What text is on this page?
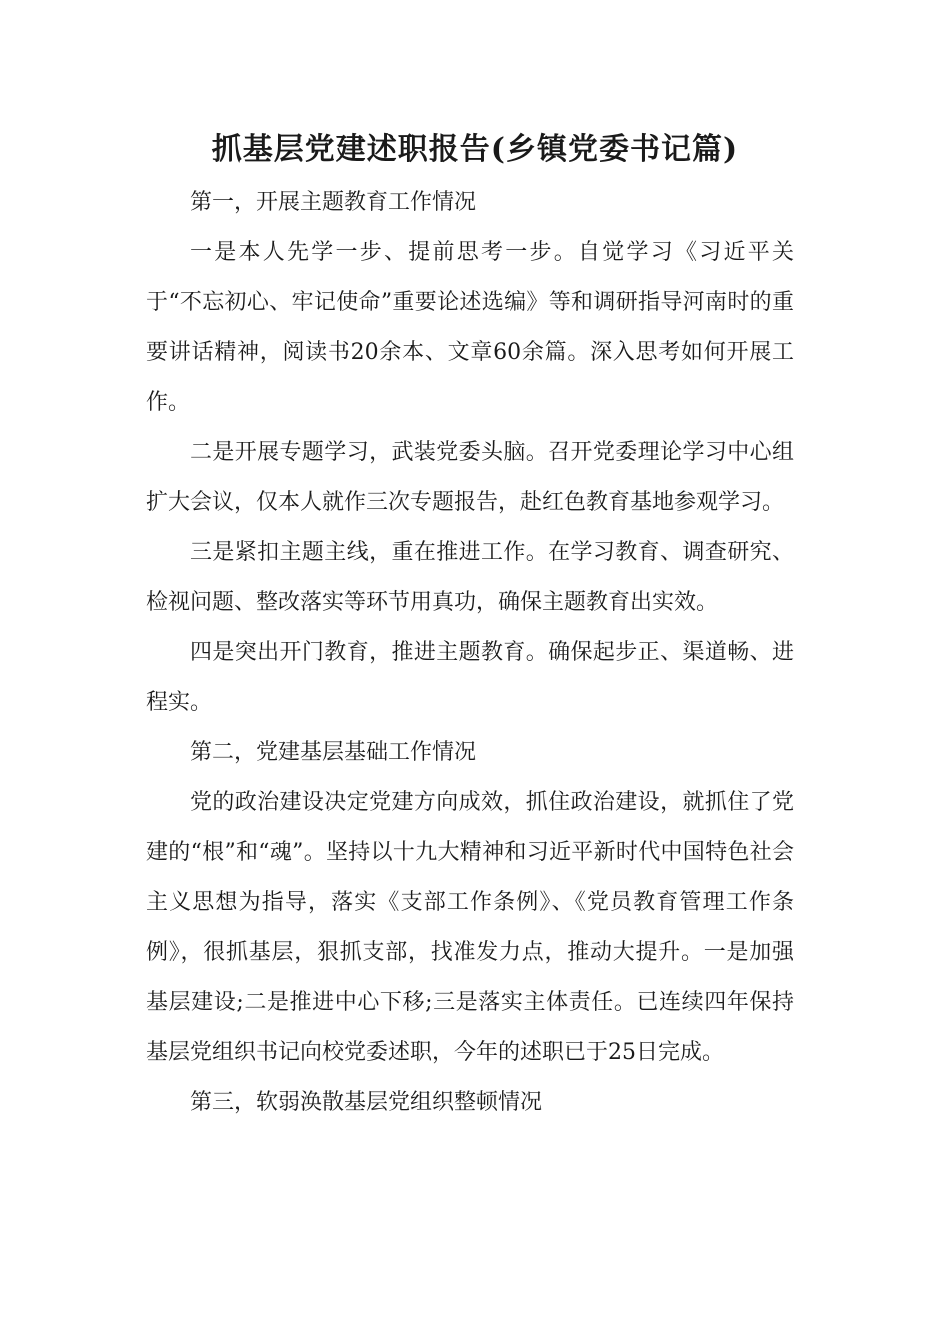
抓基层党建述职报告(乡镇党委书记篇)

第一，开展主题教育工作情况

一是本人先学一步、提前思考一步。自觉学习《习近平关于“不忘初心、牢记使命”重要论述选编》等和调研指导河南时的重要讲话精神，阅读书20余本、文章60余篇。深入思考如何开展工作。

二是开展专题学习，武装党委头脑。召开党委理论学习中心组扩大会议，仅本人就作三次专题报告，赴红色教育基地参观学习。

三是紧扣主题主线，重在推进工作。在学习教育、调查研究、检视问题、整改落实等环节用真功，确保主题教育出实效。

四是突出开门教育，推进主题教育。确保起步正、渠道畅、进程实。

第二，党建基层基础工作情况

党的政治建设决定党建方向成效，抓住政治建设，就抓住了党建的“根”和“魂”。坚持以十九大精神和习近平新时代中国特色社会主义思想为指导，落实《支部工作条例》、《党员教育管理工作条例》，很抓基层，狠抓支部，找准发力点，推动大提升。一是加强基层建设;二是推进中心下移;三是落实主体责任。已连续四年保持基层党组织书记向校党委述职，今年的述职已于25日完成。

第三，软弱涣散基层党组织整顿情况
